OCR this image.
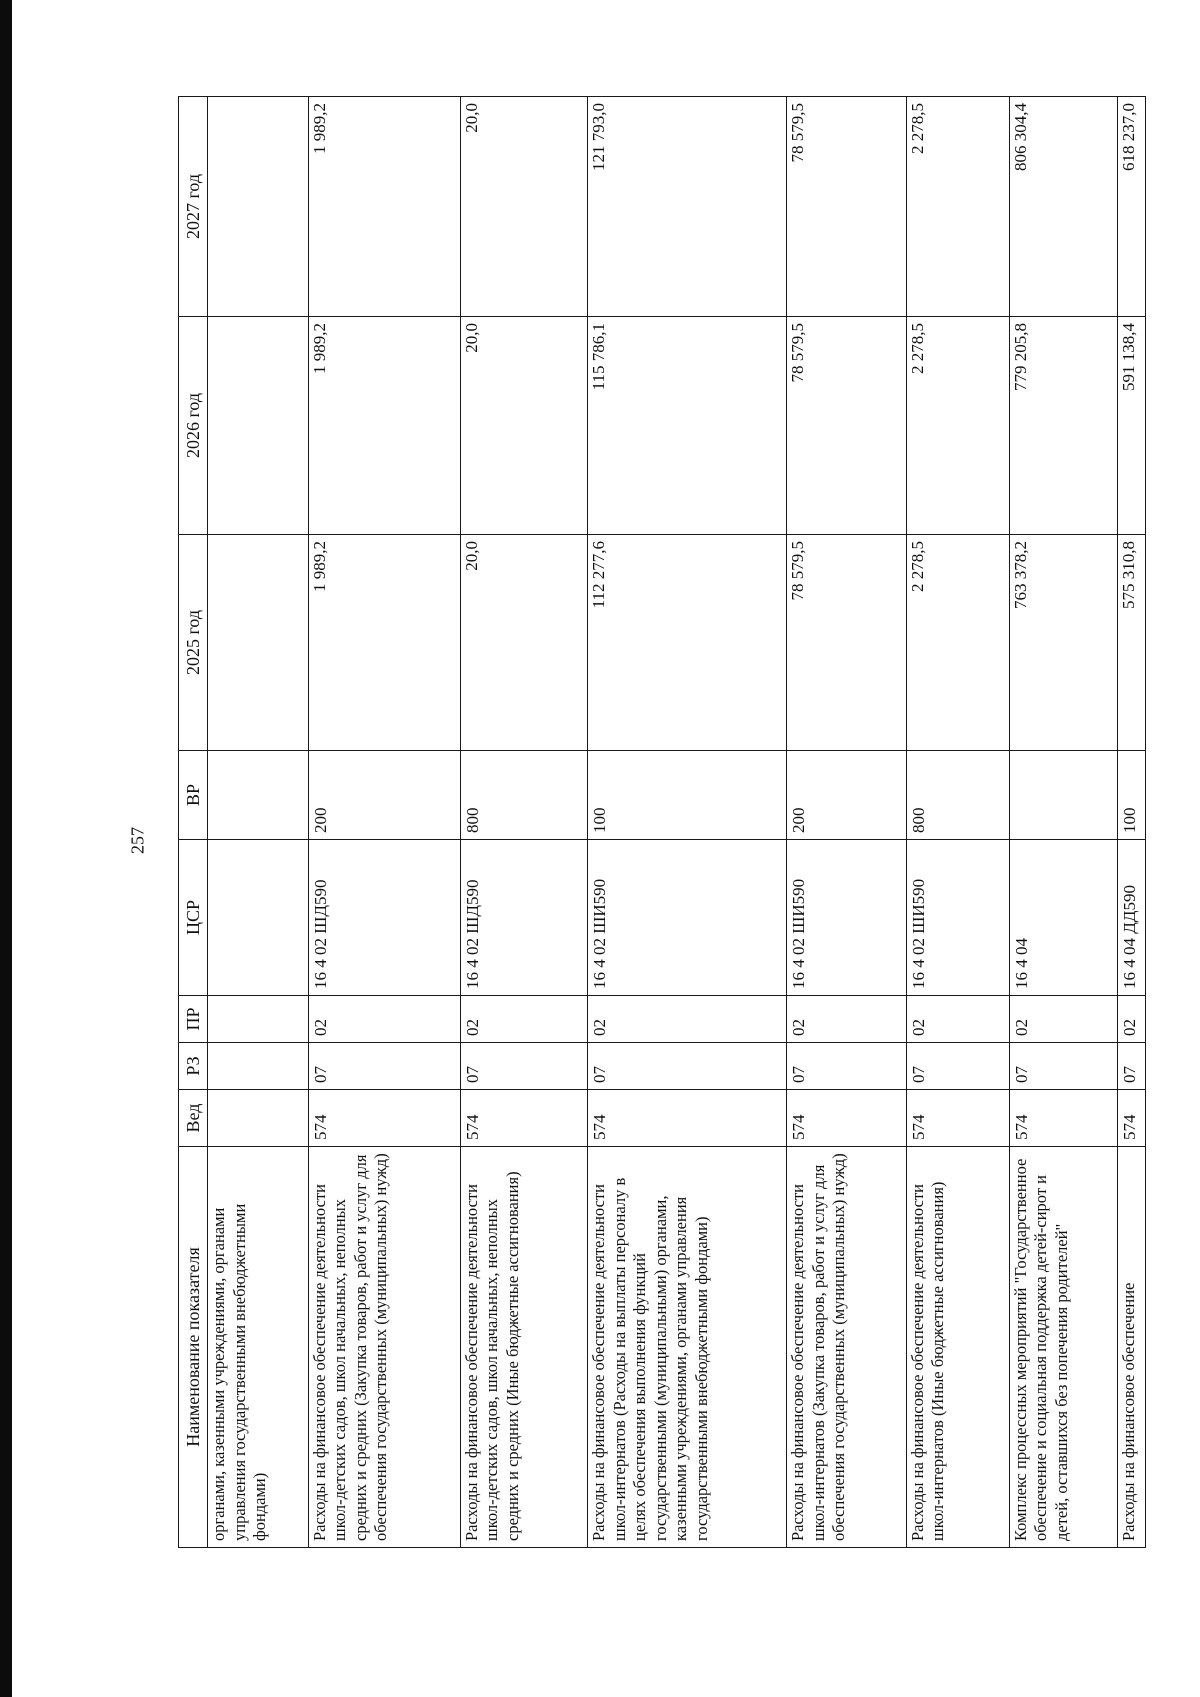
257
Наименование показателя	Вед	РЗ	ПР	ЦСР	ВР	2025 год	2026 год	2027 год
органами, казенными учреждениями, органами управления государственными внебюджетными фондами)								
Расходы на финансовое обеспечение деятельности школ-детских садов, школ начальных, неполных средних и средних (Закупка товаров, работ и услуг для обеспечения государственных (муниципальных) нужд)	574	07	02	16 4 02 ШД590	200	1 989,2	1 989,2	1 989,2
Расходы на финансовое обеспечение деятельности школ-детских садов, школ начальных, неполных средних и средних (Иные бюджетные ассигнования)	574	07	02	16 4 02 ШД590	800	20,0	20,0	20,0
Расходы на финансовое обеспечение деятельности школ-интернатов (Расходы на выплаты персоналу в целях обеспечения выполнения функций государственными (муниципальными) органами, казенными учреждениями, органами управления государственными внебюджетными фондами)	574	07	02	16 4 02 ШИ590	100	112 277,6	115 786,1	121 793,0
Расходы на финансовое обеспечение деятельности школ-интернатов (Закупка товаров, работ и услуг для обеспечения государственных (муниципальных) нужд)	574	07	02	16 4 02 ШИ590	200	78 579,5	78 579,5	78 579,5
Расходы на финансовое обеспечение деятельности школ-интернатов (Иные бюджетные ассигнования)	574	07	02	16 4 02 ШИ590	800	2 278,5	2 278,5	2 278,5
Комплекс процессных мероприятий "Государственное обеспечение и социальная поддержка детей-сирот и детей, оставшихся без попечения родителей"	574	07	02	16 4 04		763 378,2	779 205,8	806 304,4
Расходы на финансовое обеспечение	574	07	02	16 4 04 ДД590	100	575 310,8	591 138,4	618 237,0
